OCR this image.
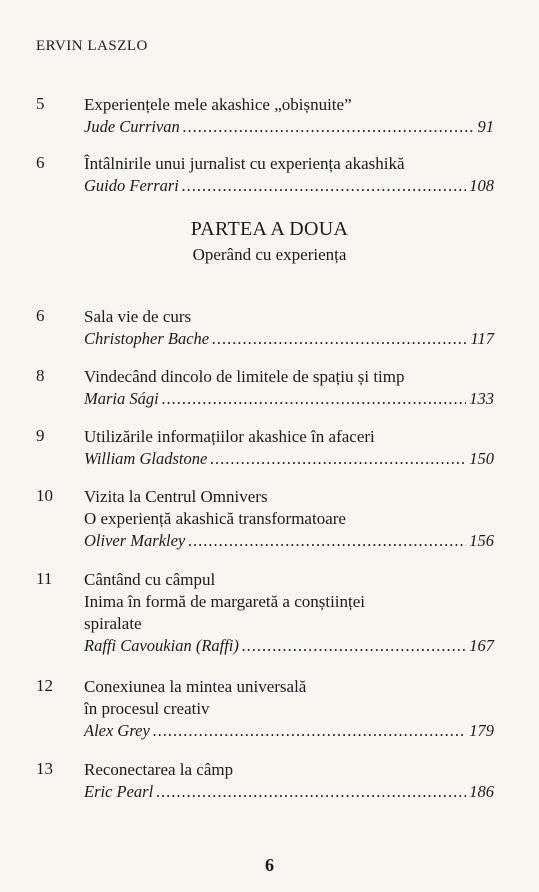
ERVIN LASZLO
5 Experiențele mele akashice „obișnuite”
Jude Currivan .....	91
6 Întâlnirile unui jurnalist cu experiența akashikă
Guido Ferrari .....	108
PARTEA A DOUA
Operând cu experiența
6 Sala vie de curs
Christopher Bache .....	117
8 Vindecând dincolo de limitele de spațiu și timp
Maria Sági .....	133
9 Utilizările informațiilor akashice în afaceri
William Gladstone .....	150
10 Vizita la Centrul Omnivers
O experiență akashică transformatoare
Oliver Markley .....	156
11 Cântând cu câmpul
Inima în formă de margaretă a conștiinței
spiralate
Raffi Cavoukian (Raffi) .....	167
12 Conexiunea la mintea universală
în procesul creativ
Alex Grey .....	179
13 Reconectarea la câmp
Eric Pearl .....	186
6
